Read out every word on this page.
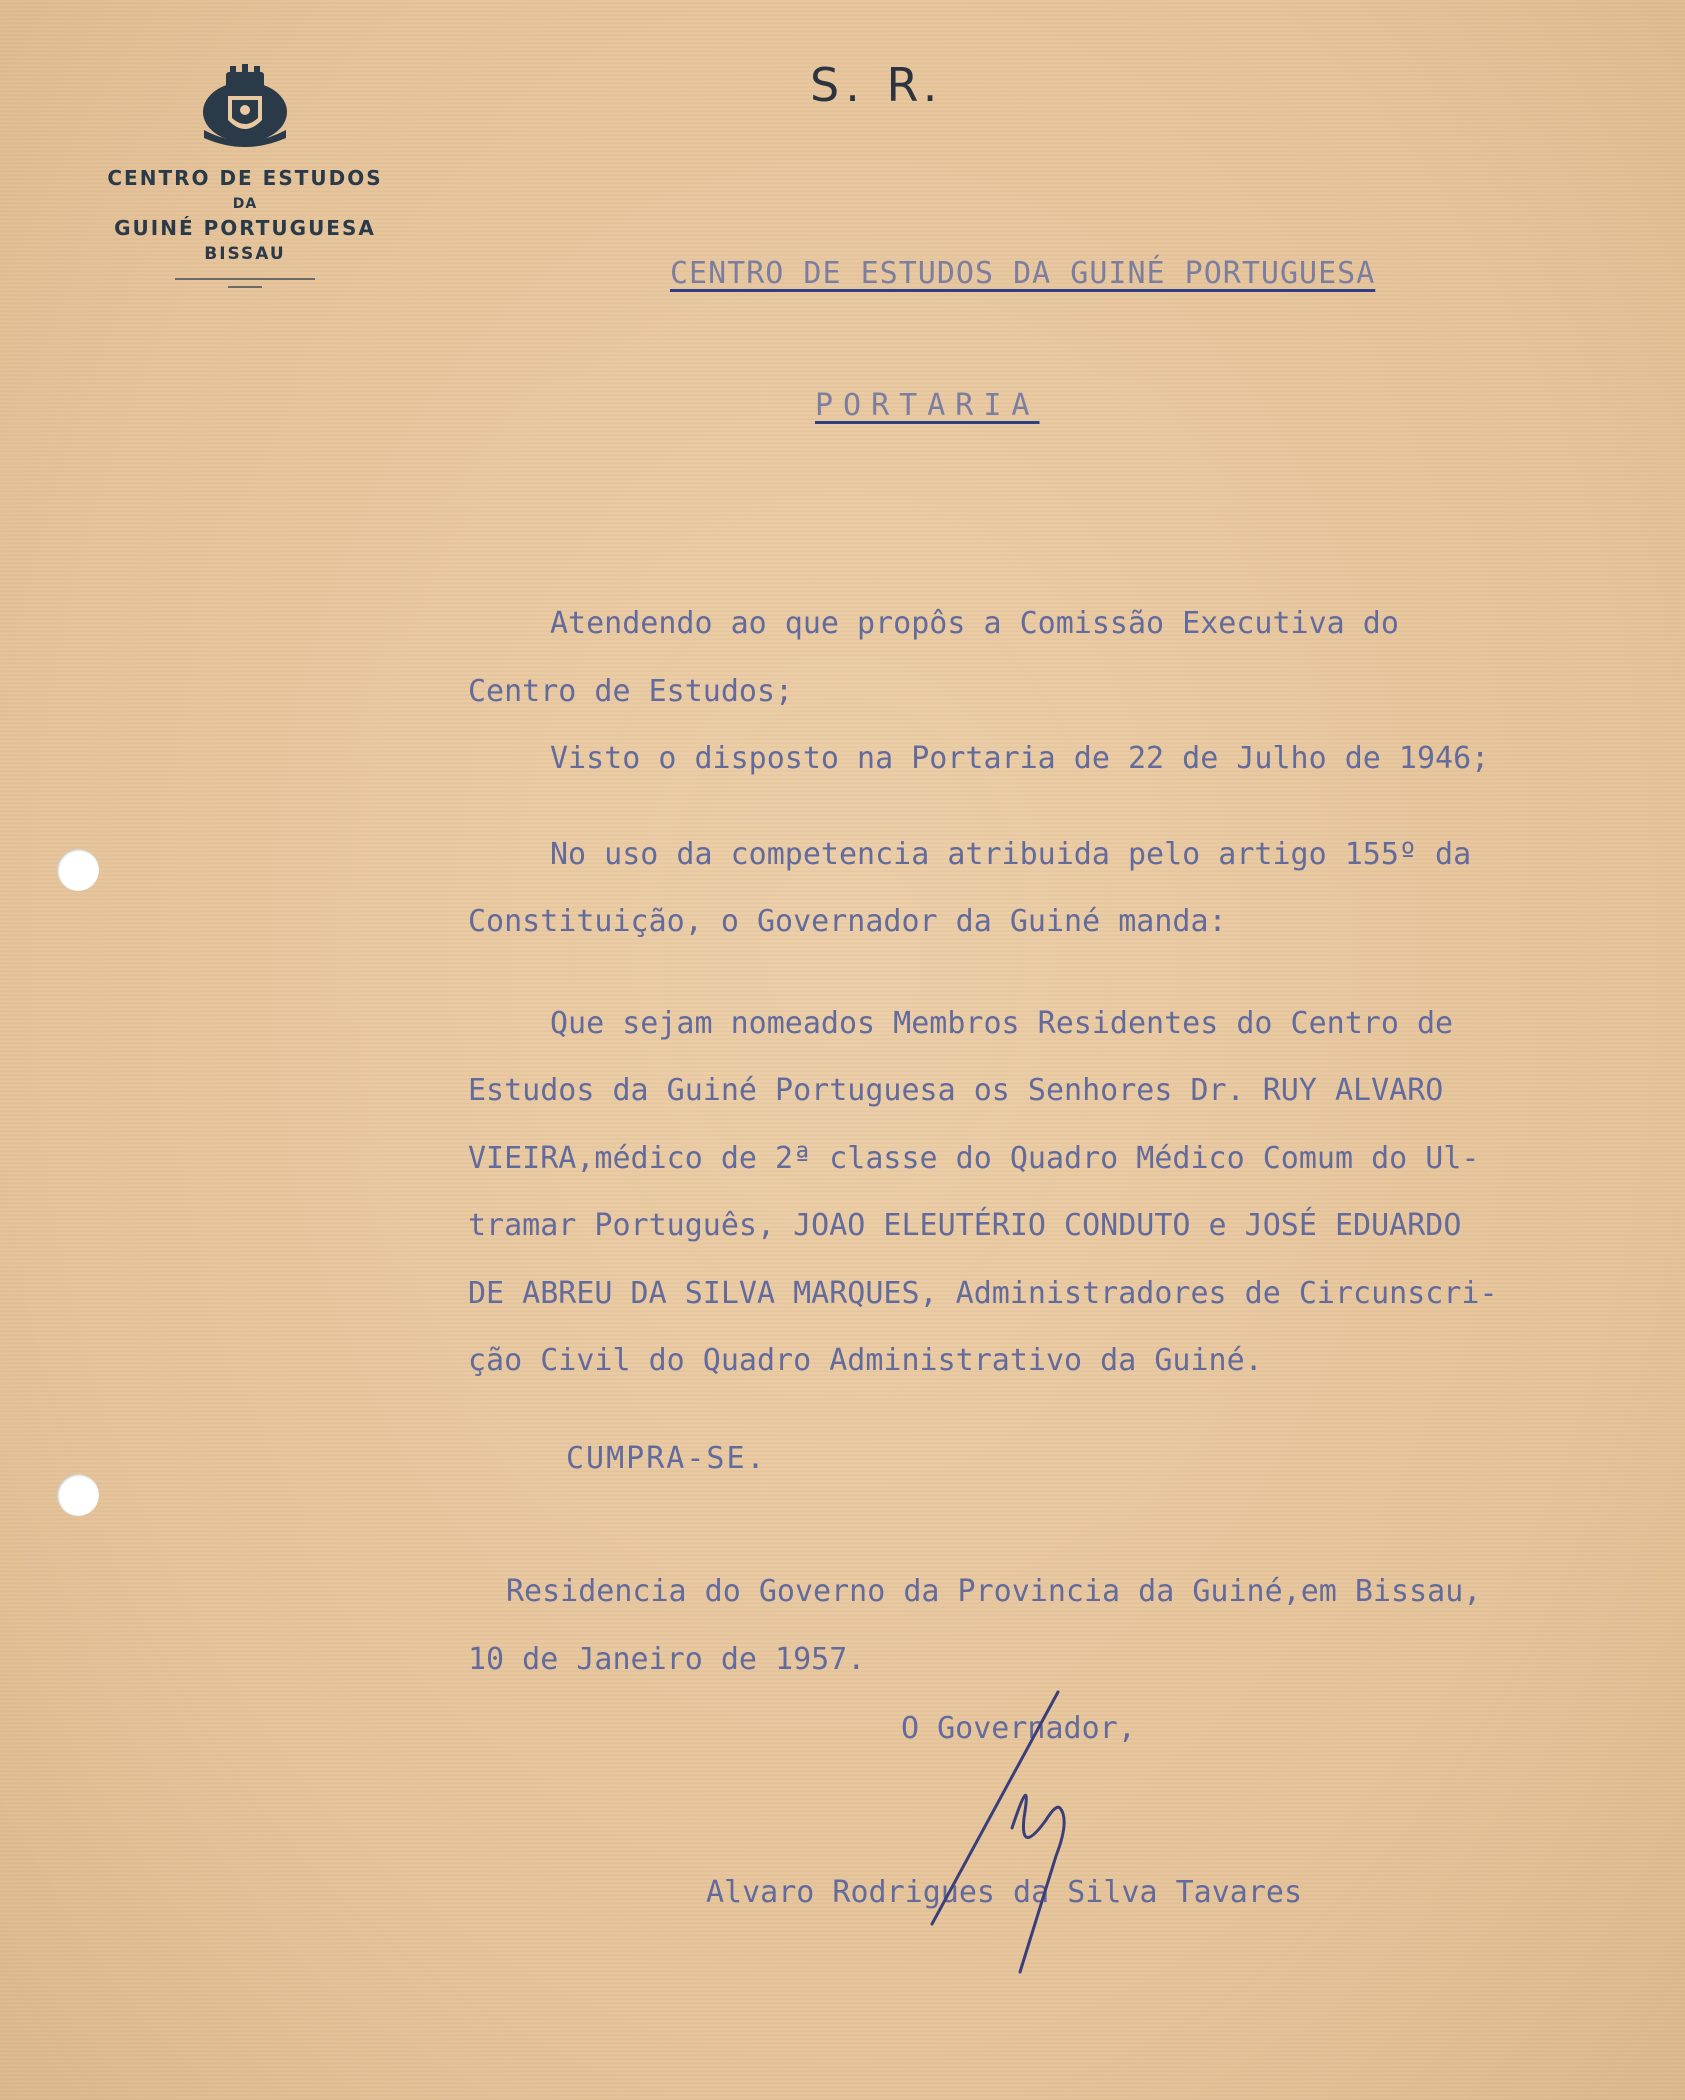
CENTRO DE ESTUDOS
DA
GUINÉ PORTUGUESA
BISSAU
S. R.
CENTRO DE ESTUDOS DA GUINÉ PORTUGUESA
PORTARIA

Atendendo ao que propôs a Comissão Executiva do

Centro de Estudos;

Visto o disposto na Portaria de 22 de Julho de 1946;

No uso da competencia atribuida pelo artigo 155º da

Constituição, o Governador da Guiné manda:

Que sejam nomeados Membros Residentes do Centro de

Estudos da Guiné Portuguesa os Senhores Dr. RUY ALVARO

VIEIRA,médico de 2ª classe do Quadro Médico Comum do Ul-

tramar Português, JOAO ELEUTÉRIO CONDUTO e JOSÉ EDUARDO

DE ABREU DA SILVA MARQUES, Administradores de Circunscri-

ção Civil do Quadro Administrativo da Guiné.

CUMPRA-SE.

Residencia do Governo da Provincia da Guiné,em Bissau,

10 de Janeiro de 1957.

O Governador,

Alvaro Rodrigues da Silva Tavares
